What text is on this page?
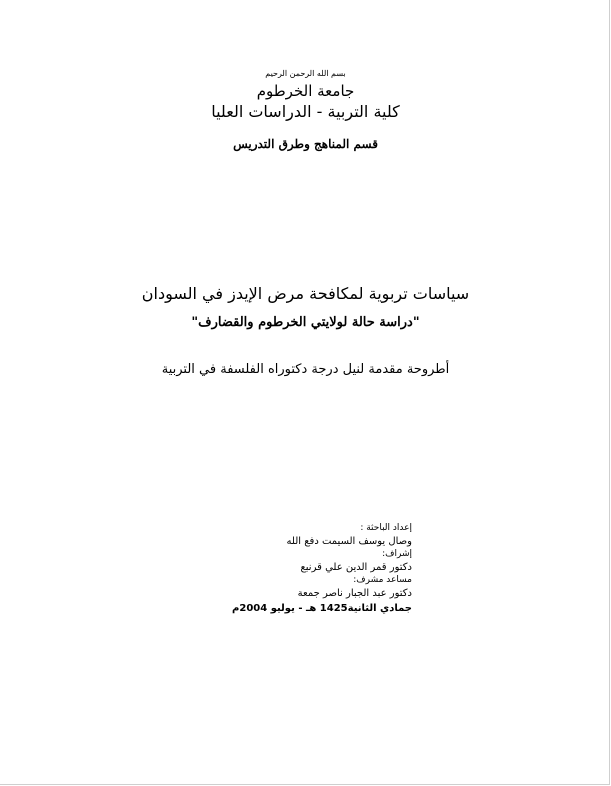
بسم الله الرحمن الرحيم
جامعة الخرطوم
كلية التربية - الدراسات العليا
قسم المناهج وطرق التدريس
سياسات تربوية لمكافحة مرض الإيدز في السودان
"دراسة حالة لولايتي الخرطوم والقضارف"
أطروحة مقدمة لنيل درجة دكتوراه الفلسفة في التربية
إعداد الباحثة :
وصال يوسف السيمت دفع الله
إشراف:
دكتور قمر الدين علي قرنبع
مساعد مشرف:
دكتور عبد الجبار ناصر جمعة
جمادي الثانية1425 هـ - يوليو 2004م
